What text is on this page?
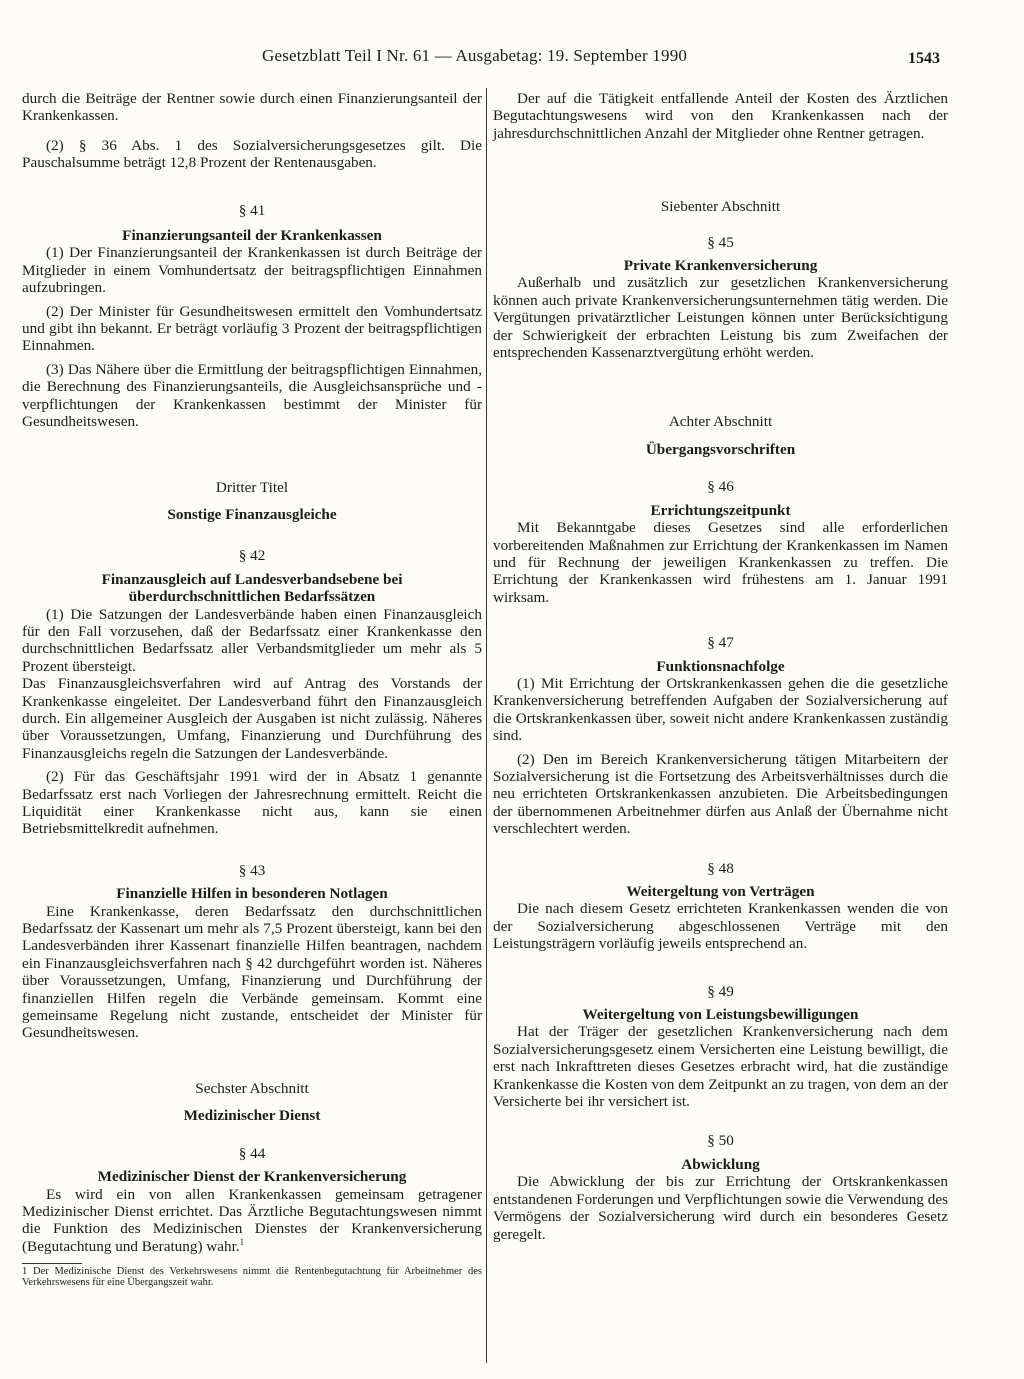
Gesetzblatt Teil I Nr. 61 — Ausgabetag: 19. September 1990	1543

durch die Beiträge der Rentner sowie durch einen Finanzierungsanteil der Krankenkassen.

(2) § 36 Abs. 1 des Sozialversicherungsgesetzes gilt. Die Pauschalsumme beträgt 12,8 Prozent der Rentenausgaben.

§ 41

Finanzierungsanteil der Krankenkassen

(1) Der Finanzierungsanteil der Krankenkassen ist durch Beiträge der Mitglieder in einem Vomhundertsatz der beitragspflichtigen Einnahmen aufzubringen.

(2) Der Minister für Gesundheitswesen ermittelt den Vomhundertsatz und gibt ihn bekannt. Er beträgt vorläufig 3 Prozent der beitragspflichtigen Einnahmen.

(3) Das Nähere über die Ermittlung der beitragspflichtigen Einnahmen, die Berechnung des Finanzierungsanteils, die Ausgleichsansprüche und -verpflichtungen der Krankenkassen bestimmt der Minister für Gesundheitswesen.

Dritter Titel

Sonstige Finanzausgleiche

§ 42

Finanzausgleich auf Landesverbandsebene bei überdurchschnittlichen Bedarfssätzen

(1) Die Satzungen der Landesverbände haben einen Finanzausgleich für den Fall vorzusehen, daß der Bedarfssatz einer Krankenkasse den durchschnittlichen Bedarfssatz aller Verbandsmitglieder um mehr als 5 Prozent übersteigt.

Das Finanzausgleichsverfahren wird auf Antrag des Vorstands der Krankenkasse eingeleitet. Der Landesverband führt den Finanzausgleich durch. Ein allgemeiner Ausgleich der Ausgaben ist nicht zulässig. Näheres über Voraussetzungen, Umfang, Finanzierung und Durchführung des Finanzausgleichs regeln die Satzungen der Landesverbände.

(2) Für das Geschäftsjahr 1991 wird der in Absatz 1 genannte Bedarfssatz erst nach Vorliegen der Jahresrechnung ermittelt. Reicht die Liquidität einer Krankenkasse nicht aus, kann sie einen Betriebsmittelkredit aufnehmen.

§ 43

Finanzielle Hilfen in besonderen Notlagen

Eine Krankenkasse, deren Bedarfssatz den durchschnittlichen Bedarfssatz der Kassenart um mehr als 7,5 Prozent übersteigt, kann bei den Landesverbänden ihrer Kassenart finanzielle Hilfen beantragen, nachdem ein Finanzausgleichsverfahren nach § 42 durchgeführt worden ist. Näheres über Voraussetzungen, Umfang, Finanzierung und Durchführung der finanziellen Hilfen regeln die Verbände gemeinsam. Kommt eine gemeinsame Regelung nicht zustande, entscheidet der Minister für Gesundheitswesen.

Sechster Abschnitt

Medizinischer Dienst

§ 44

Medizinischer Dienst der Krankenversicherung

Es wird ein von allen Krankenkassen gemeinsam getragener Medizinischer Dienst errichtet. Das Ärztliche Begutachtungswesen nimmt die Funktion des Medizinischen Dienstes der Krankenversicherung (Begutachtung und Beratung) wahr.$^1$

1 Der Medizinische Dienst des Verkehrswesens nimmt die Rentenbegutachtung für Arbeitnehmer des Verkehrswesens für eine Übergangszeit wahr.

Der auf die Tätigkeit entfallende Anteil der Kosten des Ärztlichen Begutachtungswesens wird von den Krankenkassen nach der jahresdurchschnittlichen Anzahl der Mitglieder ohne Rentner getragen.

Siebenter Abschnitt

§ 45

Private Krankenversicherung

Außerhalb und zusätzlich zur gesetzlichen Krankenversicherung können auch private Krankenversicherungsunternehmen tätig werden. Die Vergütungen privatärztlicher Leistungen können unter Berücksichtigung der Schwierigkeit der erbrachten Leistung bis zum Zweifachen der entsprechenden Kassenarztvergütung erhöht werden.

Achter Abschnitt

Übergangsvorschriften

§ 46

Errichtungszeitpunkt

Mit Bekanntgabe dieses Gesetzes sind alle erforderlichen vorbereitenden Maßnahmen zur Errichtung der Krankenkassen im Namen und für Rechnung der jeweiligen Krankenkassen zu treffen. Die Errichtung der Krankenkassen wird frühestens am 1. Januar 1991 wirksam.

§ 47

Funktionsnachfolge

(1) Mit Errichtung der Ortskrankenkassen gehen die die gesetzliche Krankenversicherung betreffenden Aufgaben der Sozialversicherung auf die Ortskrankenkassen über, soweit nicht andere Krankenkassen zuständig sind.

(2) Den im Bereich Krankenversicherung tätigen Mitarbeitern der Sozialversicherung ist die Fortsetzung des Arbeitsverhältnisses durch die neu errichteten Ortskrankenkassen anzubieten. Die Arbeitsbedingungen der übernommenen Arbeitnehmer dürfen aus Anlaß der Übernahme nicht verschlechtert werden.

§ 48

Weitergeltung von Verträgen

Die nach diesem Gesetz errichteten Krankenkassen wenden die von der Sozialversicherung abgeschlossenen Verträge mit den Leistungsträgern vorläufig jeweils entsprechend an.

§ 49

Weitergeltung von Leistungsbewilligungen

Hat der Träger der gesetzlichen Krankenversicherung nach dem Sozialversicherungsgesetz einem Versicherten eine Leistung bewilligt, die erst nach Inkrafttreten dieses Gesetzes erbracht wird, hat die zuständige Krankenkasse die Kosten von dem Zeitpunkt an zu tragen, von dem an der Versicherte bei ihr versichert ist.

§ 50

Abwicklung

Die Abwicklung der bis zur Errichtung der Ortskrankenkassen entstandenen Forderungen und Verpflichtungen sowie die Verwendung des Vermögens der Sozialversicherung wird durch ein besonderes Gesetz geregelt.
